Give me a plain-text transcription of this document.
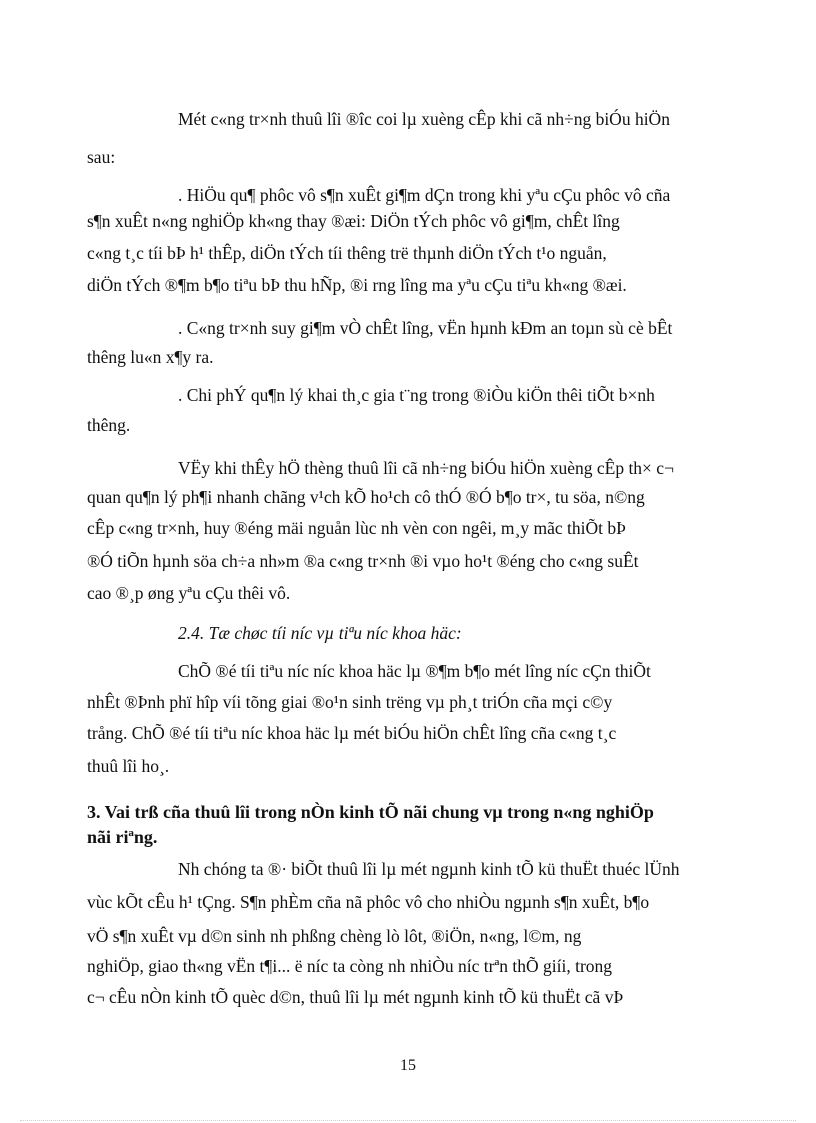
Mét c«ng tr×nh thuû lîi ®îc coi lµ xuèng cÊp khi cã nh÷ng biÓu hiÖn
sau:
. HiÖu qu¶ phôc vô s¶n xuÊt gi¶m dÇn trong khi yªu cÇu phôc vô cña
s¶n xuÊt n«ng nghiÖp kh«ng thay ®æi: DiÖn tÝch phôc vô gi¶m, chÊt lîng
c«ng t¸c tíi bÞ h¹ thÊp, diÖn tÝch tíi thêng trë thµnh diÖn tÝch t¹o nguån,
diÖn tÝch ®¶m b¶o tiªu bÞ thu hÑp, ®i rng lîng ma yªu cÇu tiªu kh«ng ®æi.
. C«ng tr×nh suy gi¶m vÒ chÊt lîng, vËn hµnh kÐm an toµn sù cè bÊt
thêng lu«n x¶y ra.
. Chi phÝ qu¶n lý khai th¸c gia t¨ng trong ®iÒu kiÖn thêi tiÕt b×nh
thêng.
VËy khi thÊy hÖ thèng thuû lîi cã nh÷ng biÓu hiÖn xuèng cÊp th× c¬
quan qu¶n lý ph¶i nhanh chãng v¹ch kÕ ho¹ch cô thÓ ®Ó b¶o tr×, tu söa, n©ng
cÊp c«ng tr×nh, huy ®éng mäi nguån lùc nh vèn con ngêi, m¸y mãc thiÕt bÞ
®Ó tiÕn hµnh söa ch÷a nh»m ®a c«ng tr×nh ®i vµo ho¹t ®éng cho c«ng suÊt
cao ®¸p øng yªu cÇu thêi vô.
2.4. Tæ chøc tíi níc vµ tiªu níc khoa häc:
ChÕ ®é tíi tiªu níc níc khoa häc lµ ®¶m b¶o mét lîng níc cÇn thiÕt
nhÊt ®Þnh phï hîp víi tõng giai ®o¹n sinh trëng vµ ph¸t triÓn cña mçi c©y
trång. ChÕ ®é tíi tiªu níc khoa häc lµ mét biÓu hiÖn chÊt lîng cña c«ng t¸c
thuû lîi ho¸.
3. Vai trß cña thuû lîi trong nÒn kinh tÕ nãi chung vµ trong n«ng nghiÖp
nãi riªng.
Nh chóng ta ®· biÕt thuû lîi lµ mét ngµnh kinh tÕ kü thuËt thuéc lÜnh
vùc kÕt cÊu h¹ tÇng. S¶n phÈm cña nã phôc vô cho nhiÒu ngµnh s¶n xuÊt, b¶o
vÖ s¶n xuÊt vµ d©n sinh nh phßng chèng lò lôt, ®iÖn, n«ng, l©m, ng
nghiÖp, giao th«ng vËn t¶i... ë níc ta còng nh nhiÒu níc trªn thÕ giíi, trong
c¬ cÊu nÒn kinh tÕ quèc d©n, thuû lîi lµ mét ngµnh kinh tÕ kü thuËt cã vÞ
15
